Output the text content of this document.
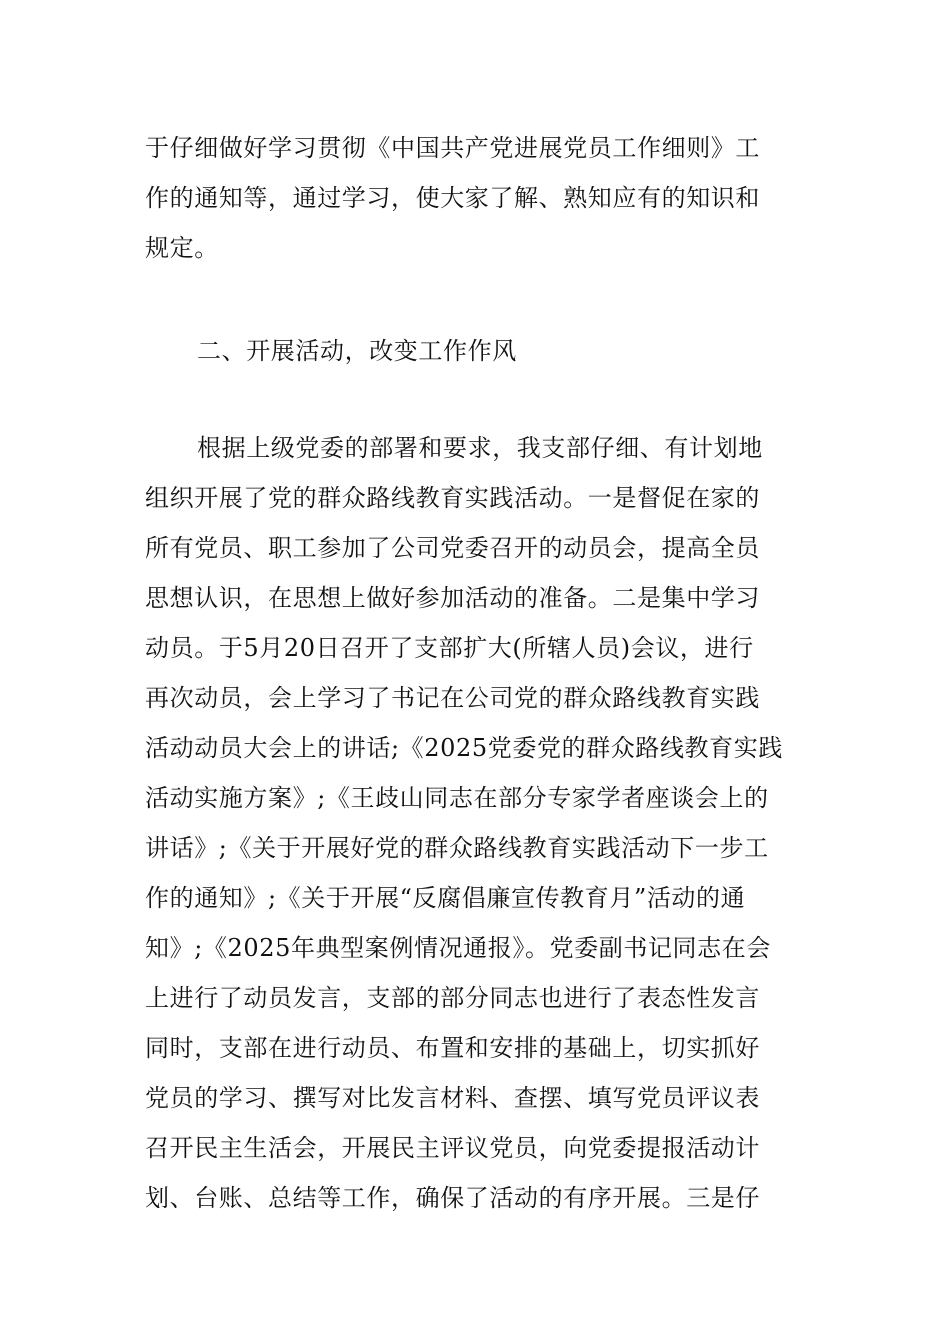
于仔细做好学习贯彻《中国共产党进展党员工作细则》工
作的通知等，通过学习，使大家了解、熟知应有的知识和
规定。
二、开展活动，改变工作作风
根据上级党委的部署和要求，我支部仔细、有计划地
组织开展了党的群众路线教育实践活动。一是督促在家的
所有党员、职工参加了公司党委召开的动员会，提高全员
思想认识，在思想上做好参加活动的准备。二是集中学习
动员。于5月20日召开了支部扩大(所辖人员)会议，进行
再次动员，会上学习了书记在公司党的群众路线教育实践
活动动员大会上的讲话;《2025党委党的群众路线教育实践
活动实施方案》;《王歧山同志在部分专家学者座谈会上的
讲话》;《关于开展好党的群众路线教育实践活动下一步工
作的通知》;《关于开展“反腐倡廉宣传教育月”活动的通
知》;《2025年典型案例情况通报》。党委副书记同志在会
上进行了动员发言，支部的部分同志也进行了表态性发言
同时，支部在进行动员、布置和安排的基础上，切实抓好
党员的学习、撰写对比发言材料、查摆、填写党员评议表
召开民主生活会，开展民主评议党员，向党委提报活动计
划、台账、总结等工作，确保了活动的有序开展。三是仔
